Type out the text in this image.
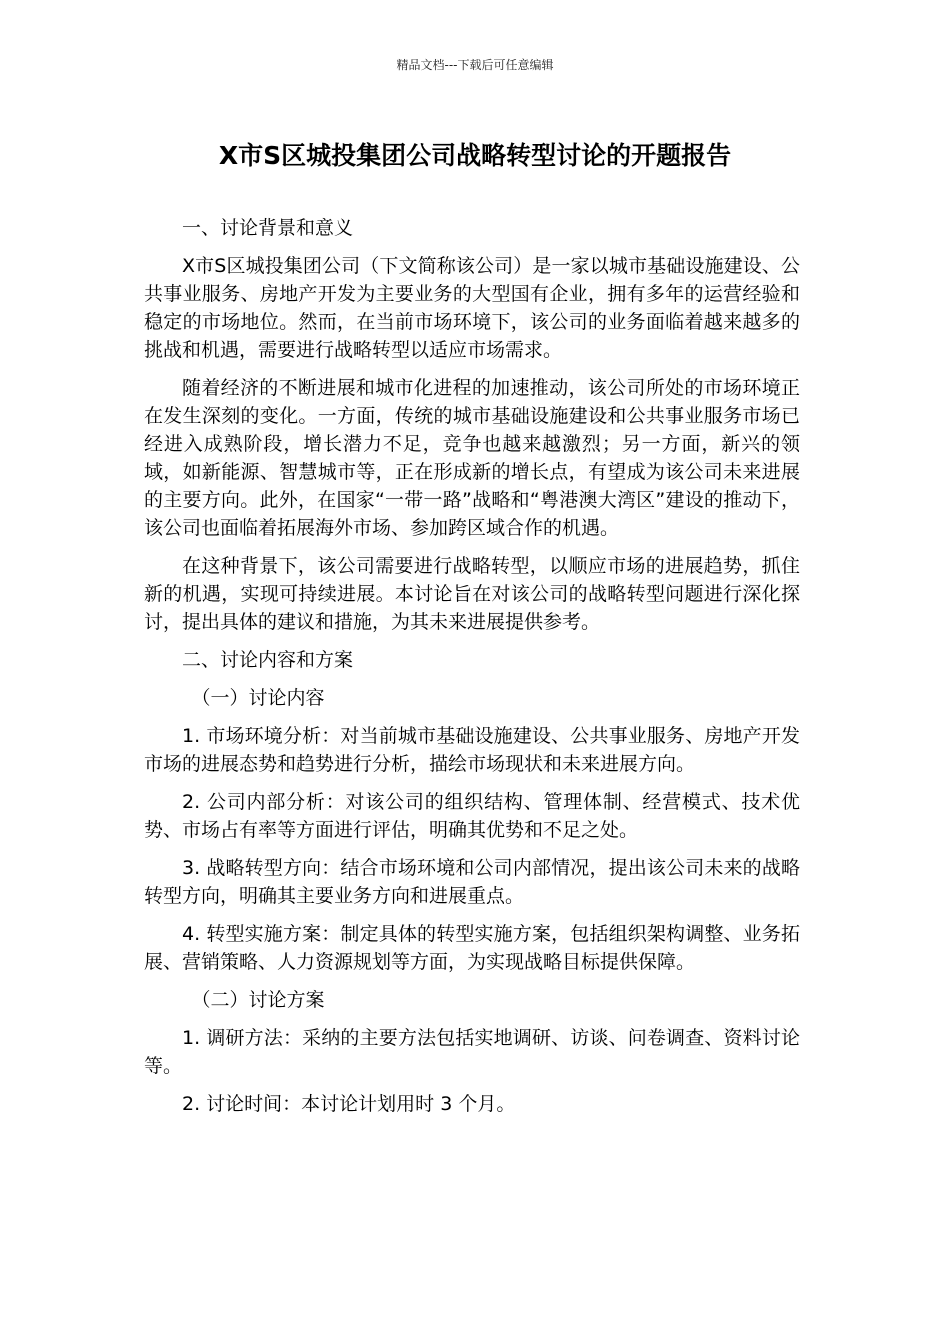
精品文档---下载后可任意编辑
X市S区城投集团公司战略转型讨论的开题报告

一、讨论背景和意义

X市S区城投集团公司（下文简称该公司）是一家以城市基础设施建设、公共事业服务、房地产开发为主要业务的大型国有企业，拥有多年的运营经验和稳定的市场地位。然而，在当前市场环境下，该公司的业务面临着越来越多的挑战和机遇，需要进行战略转型以适应市场需求。

随着经济的不断进展和城市化进程的加速推动，该公司所处的市场环境正在发生深刻的变化。一方面，传统的城市基础设施建设和公共事业服务市场已经进入成熟阶段，增长潜力不足，竞争也越来越激烈；另一方面，新兴的领域，如新能源、智慧城市等，正在形成新的增长点，有望成为该公司未来进展的主要方向。此外，在国家“一带一路”战略和“粤港澳大湾区”建设的推动下，该公司也面临着拓展海外市场、参加跨区域合作的机遇。

在这种背景下，该公司需要进行战略转型，以顺应市场的进展趋势，抓住新的机遇，实现可持续进展。本讨论旨在对该公司的战略转型问题进行深化探讨，提出具体的建议和措施，为其未来进展提供参考。

二、讨论内容和方案

（一）讨论内容

1. 市场环境分析：对当前城市基础设施建设、公共事业服务、房地产开发市场的进展态势和趋势进行分析，描绘市场现状和未来进展方向。

2. 公司内部分析：对该公司的组织结构、管理体制、经营模式、技术优势、市场占有率等方面进行评估，明确其优势和不足之处。

3. 战略转型方向：结合市场环境和公司内部情况，提出该公司未来的战略转型方向，明确其主要业务方向和进展重点。

4. 转型实施方案：制定具体的转型实施方案，包括组织架构调整、业务拓展、营销策略、人力资源规划等方面，为实现战略目标提供保障。

（二）讨论方案

1. 调研方法：采纳的主要方法包括实地调研、访谈、问卷调查、资料讨论等。

2. 讨论时间：本讨论计划用时 3 个月。
